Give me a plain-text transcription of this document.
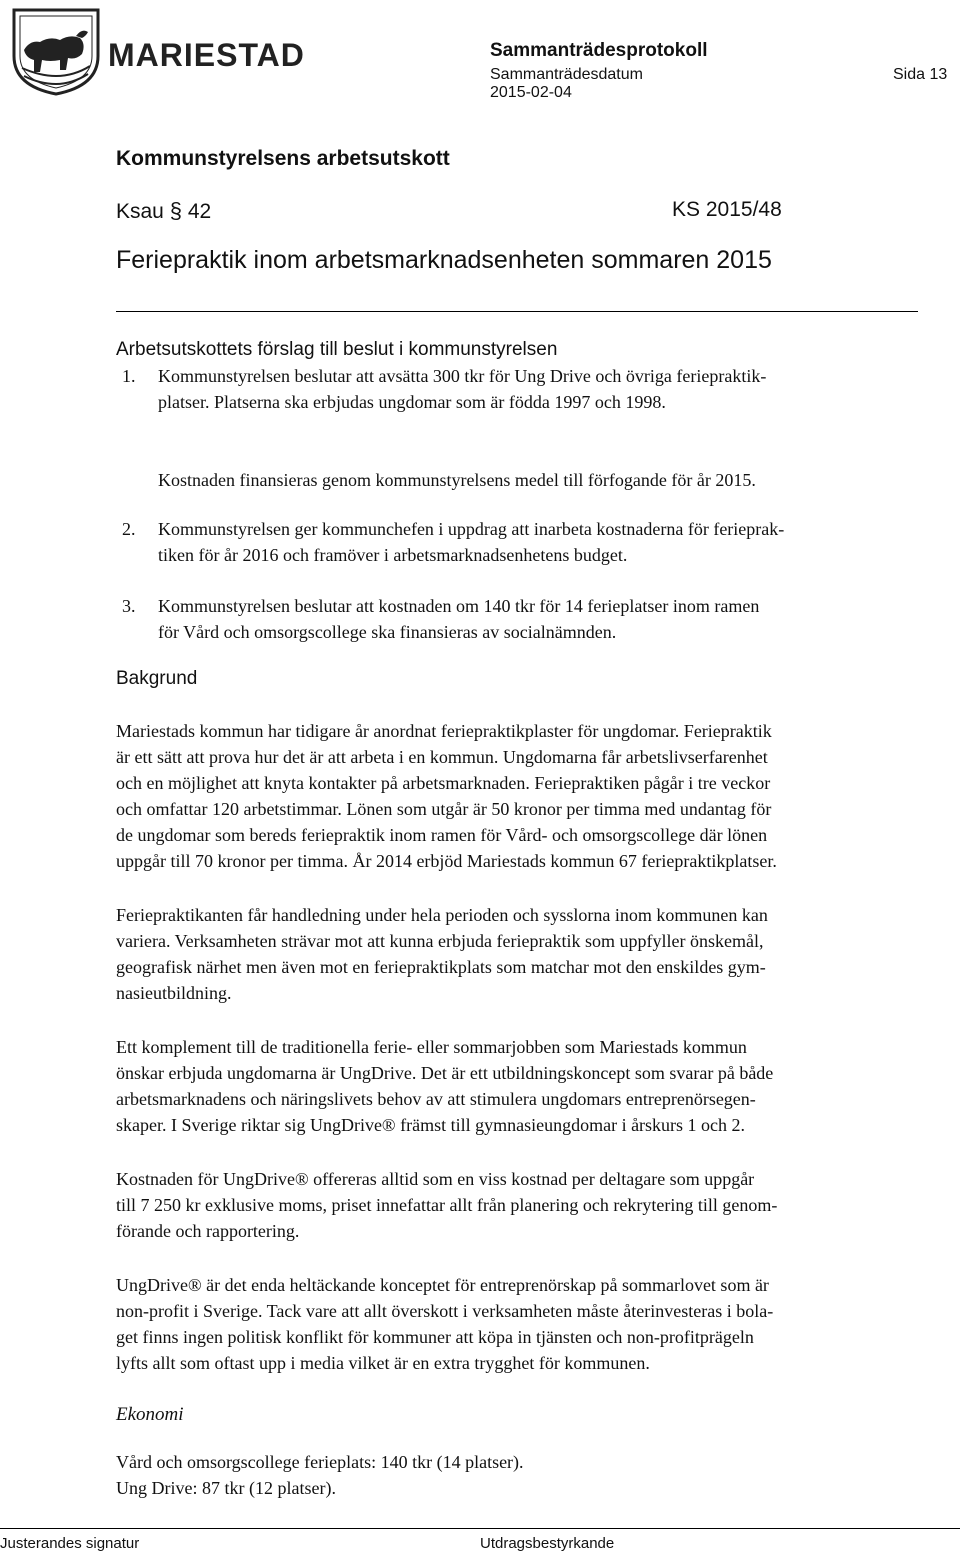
MARIESTAD	Sammanträdesprotokoll
Sammanträdesdatum
2015-02-04
Sida 13
Kommunstyrelsens arbetsutskott
Ksau § 42	KS 2015/48
Feriepraktik inom arbetsmarknadsenheten sommaren 2015
Arbetsutskottets förslag till beslut i kommunstyrelsen
1. Kommunstyrelsen beslutar att avsätta 300 tkr för Ung Drive och övriga feriepraktik-
platser. Platserna ska erbjudas ungdomar som är födda 1997 och 1998.
Kostnaden finansieras genom kommunstyrelsens medel till förfogande för år 2015.
2. Kommunstyrelsen ger kommunchefen i uppdrag att inarbeta kostnaderna för ferieprak-
tiken för år 2016 och framöver i arbetsmarknadsenhetens budget.
3. Kommunstyrelsen beslutar att kostnaden om 140 tkr för 14 ferieplatser inom ramen
för Vård och omsorgscollege ska finansieras av socialnämnden.
Bakgrund
Mariestads kommun har tidigare år anordnat feriepraktikplaster för ungdomar. Feriepraktik
är ett sätt att prova hur det är att arbeta i en kommun. Ungdomarna får arbetslivserfarenhet
och en möjlighet att knyta kontakter på arbetsmarknaden. Feriepraktiken pågår i tre veckor
och omfattar 120 arbetstimmar. Lönen som utgår är 50 kronor per timma med undantag för
de ungdomar som bereds feriepraktik inom ramen för Vård- och omsorgscollege där lönen
uppgår till 70 kronor per timma. År 2014 erbjöd Mariestads kommun 67 feriepraktikplatser.
Feriepraktikanten får handledning under hela perioden och sysslorna inom kommunen kan
variera. Verksamheten strävar mot att kunna erbjuda feriepraktik som uppfyller önskemål,
geografisk närhet men även mot en feriepraktikplats som matchar mot den enskildes gym-
nasieutbildning.
Ett komplement till de traditionella ferie- eller sommarjobben som Mariestads kommun
önskar erbjuda ungdomarna är UngDrive. Det är ett utbildningskoncept som svarar på både
arbetsmarknadens och näringslivets behov av att stimulera ungdomars entreprenörsegen-
skaper. I Sverige riktar sig UngDrive® främst till gymnasieungdomar i årskurs 1 och 2.
Kostnaden för UngDrive® offereras alltid som en viss kostnad per deltagare som uppgår
till 7 250 kr exklusive moms, priset innefattar allt från planering och rekrytering till genom-
förande och rapportering.
UngDrive® är det enda heltäckande konceptet för entreprenörskap på sommarlovet som är
non-profit i Sverige. Tack vare att allt överskott i verksamheten måste återinvesteras i bola-
get finns ingen politisk konflikt för kommuner att köpa in tjänsten och non-profitprägeln
lyfts allt som oftast upp i media vilket är en extra trygghet för kommunen.
Ekonomi
Vård och omsorgscollege ferieplats: 140 tkr (14 platser).
Ung Drive: 87 tkr (12 platser).
Justerandes signatur	Utdragsbestyrkande
